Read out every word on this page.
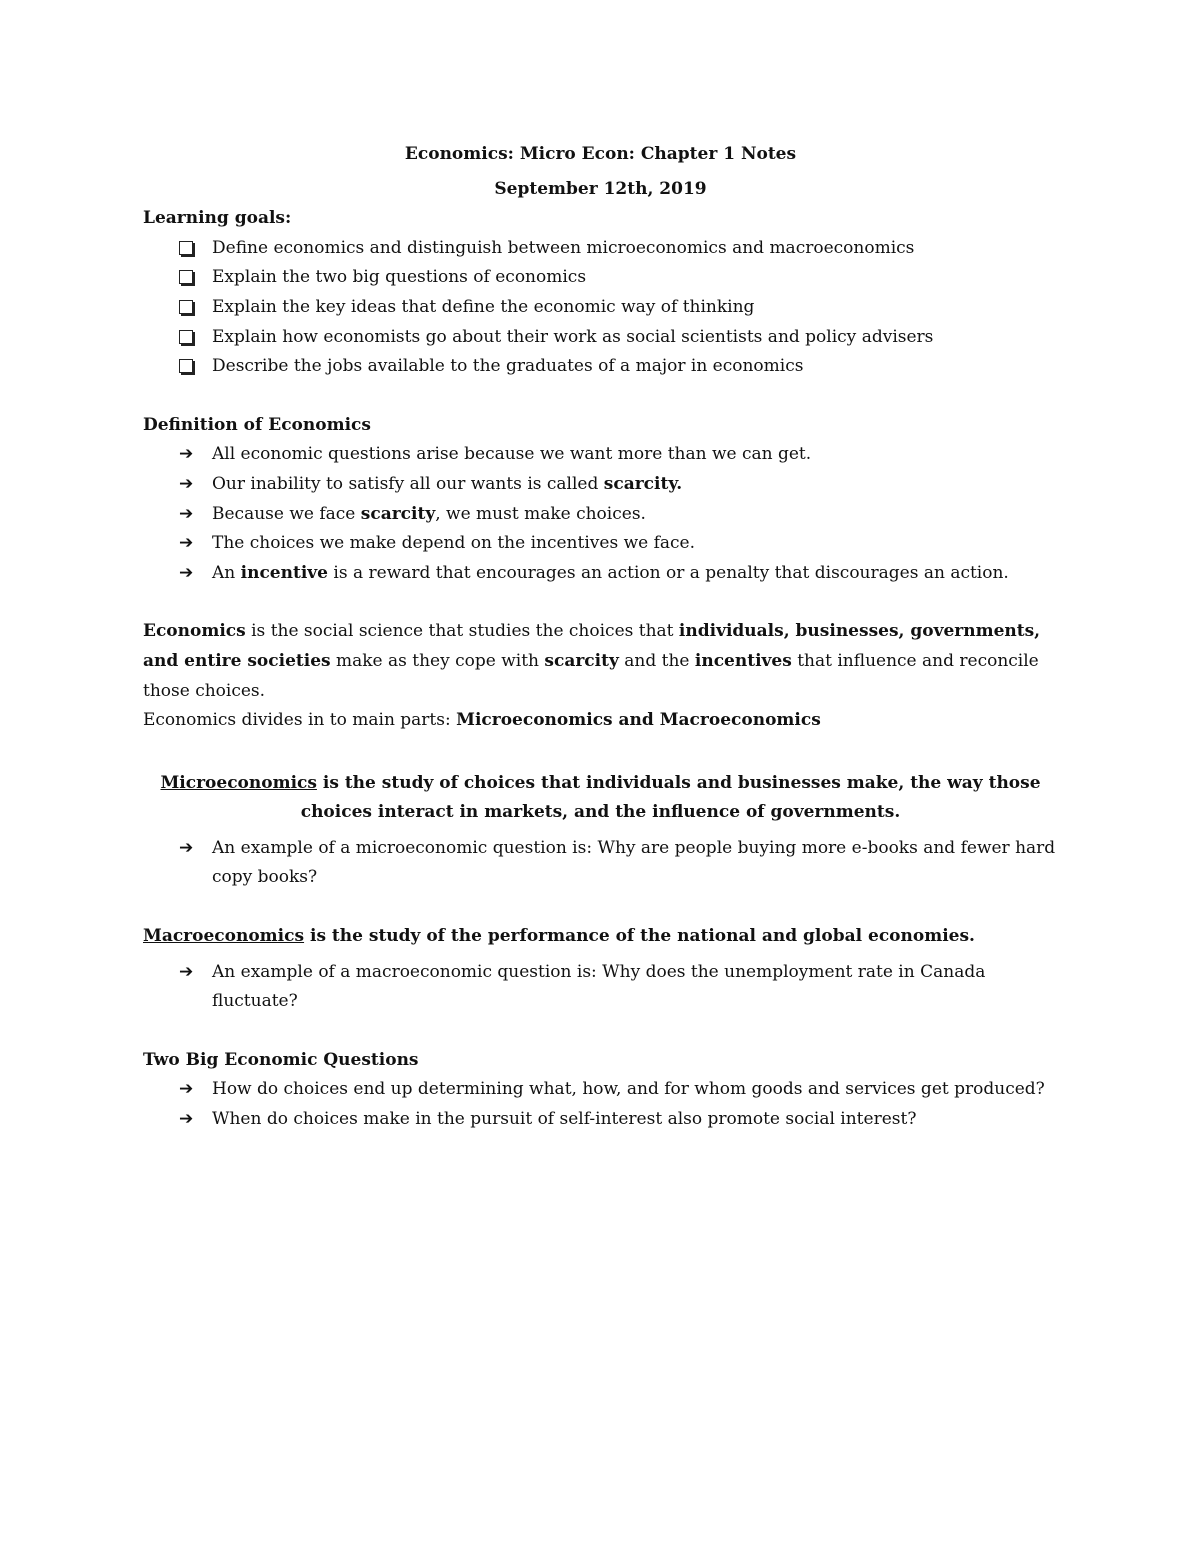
Economics: Micro Econ: Chapter 1 Notes

September 12th, 2019

Learning goals:

Define economics and distinguish between microeconomics and macroeconomics
Explain the two big questions of economics
Explain the key ideas that define the economic way of thinking
Explain how economists go about their work as social scientists and policy advisers
Describe the jobs available to the graduates of a major in economics

Definition of Economics

➔	All economic questions arise because we want more than we can get.
➔	Our inability to satisfy all our wants is called scarcity.
➔	Because we face scarcity, we must make choices.
➔	The choices we make depend on the incentives we face.
➔	An incentive is a reward that encourages an action or a penalty that discourages an action.

Economics is the social science that studies the choices that individuals, businesses, governments, and entire societies make as they cope with scarcity and the incentives that influence and reconcile those choices.

Economics divides in to main parts: Microeconomics and Macroeconomics

Microeconomics is the study of choices that individuals and businesses make, the way those choices interact in markets, and the influence of governments.

➔	An example of a microeconomic question is: Why are people buying more e-books and fewer hard copy books?

Macroeconomics is the study of the performance of the national and global economies.

➔	An example of a macroeconomic question is: Why does the unemployment rate in Canada fluctuate?

Two Big Economic Questions

➔	How do choices end up determining what, how, and for whom goods and services get produced?
➔	When do choices make in the pursuit of self-interest also promote social interest?
